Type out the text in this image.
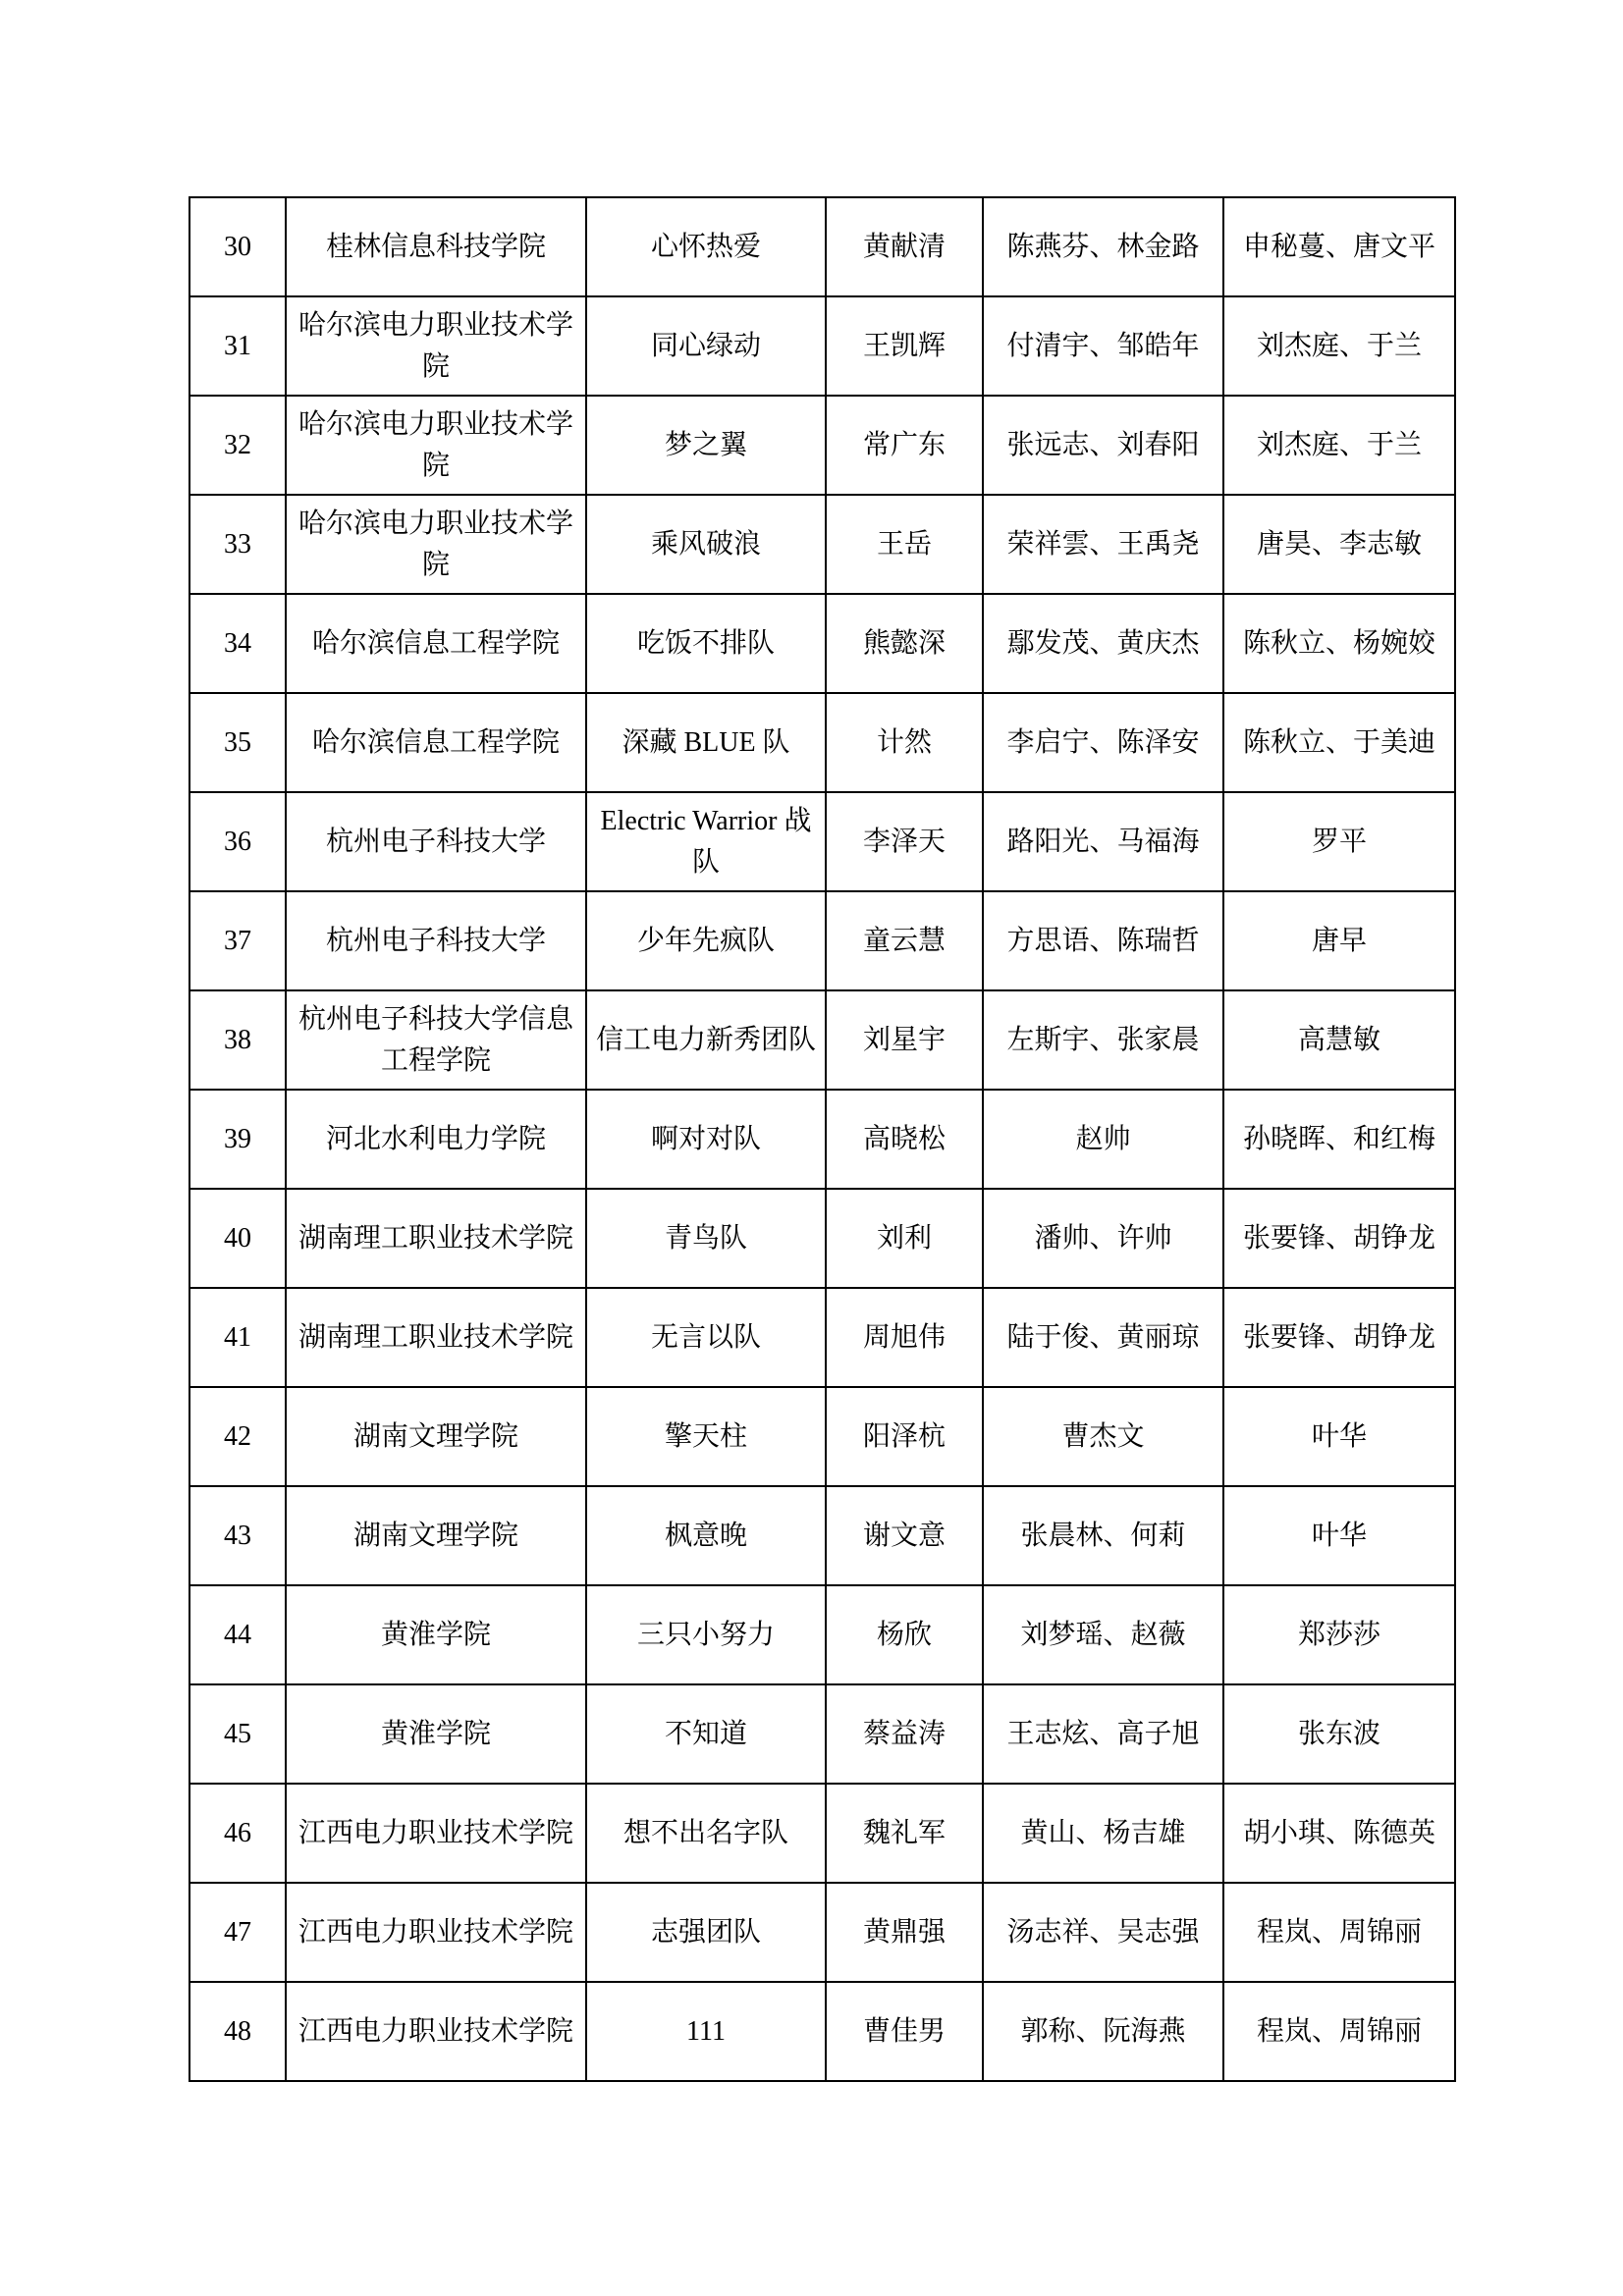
30	桂林信息科技学院	心怀热爱	黄献清	陈燕芬、林金路	申秘蔓、唐文平
31	哈尔滨电力职业技术学院	同心绿动	王凯辉	付清宇、邹皓年	刘杰庭、于兰
32	哈尔滨电力职业技术学院	梦之翼	常广东	张远志、刘春阳	刘杰庭、于兰
33	哈尔滨电力职业技术学院	乘风破浪	王岳	荣祥雲、王禹尧	唐昊、李志敏
34	哈尔滨信息工程学院	吃饭不排队	熊懿深	鄢发茂、黄庆杰	陈秋立、杨婉姣
35	哈尔滨信息工程学院	深藏 BLUE 队	计然	李启宁、陈泽安	陈秋立、于美迪
36	杭州电子科技大学	Electric Warrior 战队	李泽天	路阳光、马福海	罗平
37	杭州电子科技大学	少年先疯队	童云慧	方思语、陈瑞哲	唐早
38	杭州电子科技大学信息工程学院	信工电力新秀团队	刘星宇	左斯宇、张家晨	高慧敏
39	河北水利电力学院	啊对对队	高晓松	赵帅	孙晓晖、和红梅
40	湖南理工职业技术学院	青鸟队	刘利	潘帅、许帅	张要锋、胡铮龙
41	湖南理工职业技术学院	无言以队	周旭伟	陆于俊、黄丽琼	张要锋、胡铮龙
42	湖南文理学院	擎天柱	阳泽杭	曹杰文	叶华
43	湖南文理学院	枫意晚	谢文意	张晨林、何莉	叶华
44	黄淮学院	三只小努力	杨欣	刘梦瑶、赵薇	郑莎莎
45	黄淮学院	不知道	蔡益涛	王志炫、高子旭	张东波
46	江西电力职业技术学院	想不出名字队	魏礼军	黄山、杨吉雄	胡小琪、陈德英
47	江西电力职业技术学院	志强团队	黄鼎强	汤志祥、吴志强	程岚、周锦丽
48	江西电力职业技术学院	111	曹佳男	郭称、阮海燕	程岚、周锦丽
